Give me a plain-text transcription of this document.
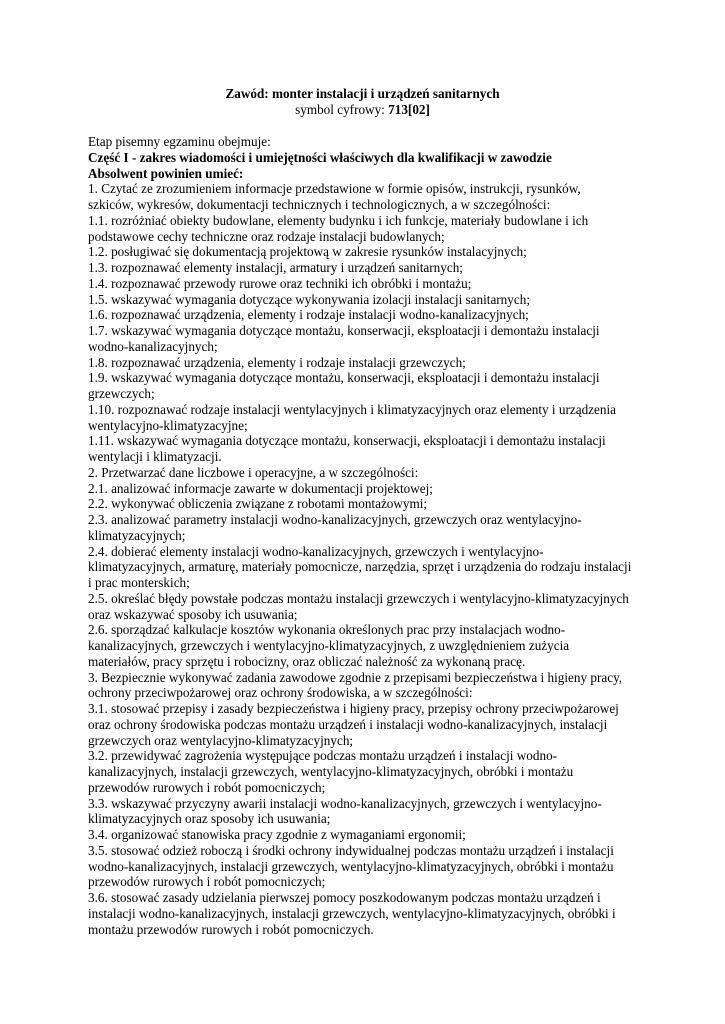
Zawód: monter instalacji i urządzeń sanitarnych
symbol cyfrowy: 713[02]
Etap pisemny egzaminu obejmuje:
Część I - zakres wiadomości i umiejętności właściwych dla kwalifikacji w zawodzie
Absolwent powinien umieć:
1. Czytać ze zrozumieniem informacje przedstawione w formie opisów, instrukcji, rysunków,
szkiców, wykresów, dokumentacji technicznych i technologicznych, a w szczególności:
1.1. rozróżniać obiekty budowlane, elementy budynku i ich funkcje, materiały budowlane i ich
podstawowe cechy techniczne oraz rodzaje instalacji budowlanych;
1.2. posługiwać się dokumentacją projektową w zakresie rysunków instalacyjnych;
1.3. rozpoznawać elementy instalacji, armatury i urządzeń sanitarnych;
1.4. rozpoznawać przewody rurowe oraz techniki ich obróbki i montażu;
1.5. wskazywać wymagania dotyczące wykonywania izolacji instalacji sanitarnych;
1.6. rozpoznawać urządzenia, elementy i rodzaje instalacji wodno-kanalizacyjnych;
1.7. wskazywać wymagania dotyczące montażu, konserwacji, eksploatacji i demontażu instalacji
wodno-kanalizacyjnych;
1.8. rozpoznawać urządzenia, elementy i rodzaje instalacji grzewczych;
1.9. wskazywać wymagania dotyczące montażu, konserwacji, eksploatacji i demontażu instalacji
grzewczych;
1.10. rozpoznawać rodzaje instalacji wentylacyjnych i klimatyzacyjnych oraz elementy i urządzenia
wentylacyjno-klimatyzacyjne;
1.11. wskazywać wymagania dotyczące montażu, konserwacji, eksploatacji i demontażu instalacji
wentylacji i klimatyzacji.
2. Przetwarzać dane liczbowe i operacyjne, a w szczególności:
2.1. analizować informacje zawarte w dokumentacji projektowej;
2.2. wykonywać obliczenia związane z robotami montażowymi;
2.3. analizować parametry instalacji wodno-kanalizacyjnych, grzewczych oraz wentylacyjno-
klimatyzacyjnych;
2.4. dobierać elementy instalacji wodno-kanalizacyjnych, grzewczych i wentylacyjno-
klimatyzacyjnych, armaturę, materiały pomocnicze, narzędzia, sprzęt i urządzenia do rodzaju instalacji
i prac monterskich;
2.5. określać błędy powstałe podczas montażu instalacji grzewczych i wentylacyjno-klimatyzacyjnych
oraz wskazywać sposoby ich usuwania;
2.6. sporządzać kalkulacje kosztów wykonania określonych prac przy instalacjach wodno-
kanalizacyjnych, grzewczych i wentylacyjno-klimatyzacyjnych, z uwzględnieniem zużycia
materiałów, pracy sprzętu i robocizny, oraz obliczać należność za wykonaną pracę.
3. Bezpiecznie wykonywać zadania zawodowe zgodnie z przepisami bezpieczeństwa i higieny pracy,
ochrony przeciwpożarowej oraz ochrony środowiska, a w szczególności:
3.1. stosować przepisy i zasady bezpieczeństwa i higieny pracy, przepisy ochrony przeciwpożarowej
oraz ochrony środowiska podczas montażu urządzeń i instalacji wodno-kanalizacyjnych, instalacji
grzewczych oraz wentylacyjno-klimatyzacyjnych;
3.2. przewidywać zagrożenia występujące podczas montażu urządzeń i instalacji wodno-
kanalizacyjnych, instalacji grzewczych, wentylacyjno-klimatyzacyjnych, obróbki i montażu
przewodów rurowych i robót pomocniczych;
3.3. wskazywać przyczyny awarii instalacji wodno-kanalizacyjnych, grzewczych i wentylacyjno-
klimatyzacyjnych oraz sposoby ich usuwania;
3.4. organizować stanowiska pracy zgodnie z wymaganiami ergonomii;
3.5. stosować odzież roboczą i środki ochrony indywidualnej podczas montażu urządzeń i instalacji
wodno-kanalizacyjnych, instalacji grzewczych, wentylacyjno-klimatyzacyjnych, obróbki i montażu
przewodów rurowych i robót pomocniczych;
3.6. stosować zasady udzielania pierwszej pomocy poszkodowanym podczas montażu urządzeń i
instalacji wodno-kanalizacyjnych, instalacji grzewczych, wentylacyjno-klimatyzacyjnych, obróbki i
montażu przewodów rurowych i robót pomocniczych.
